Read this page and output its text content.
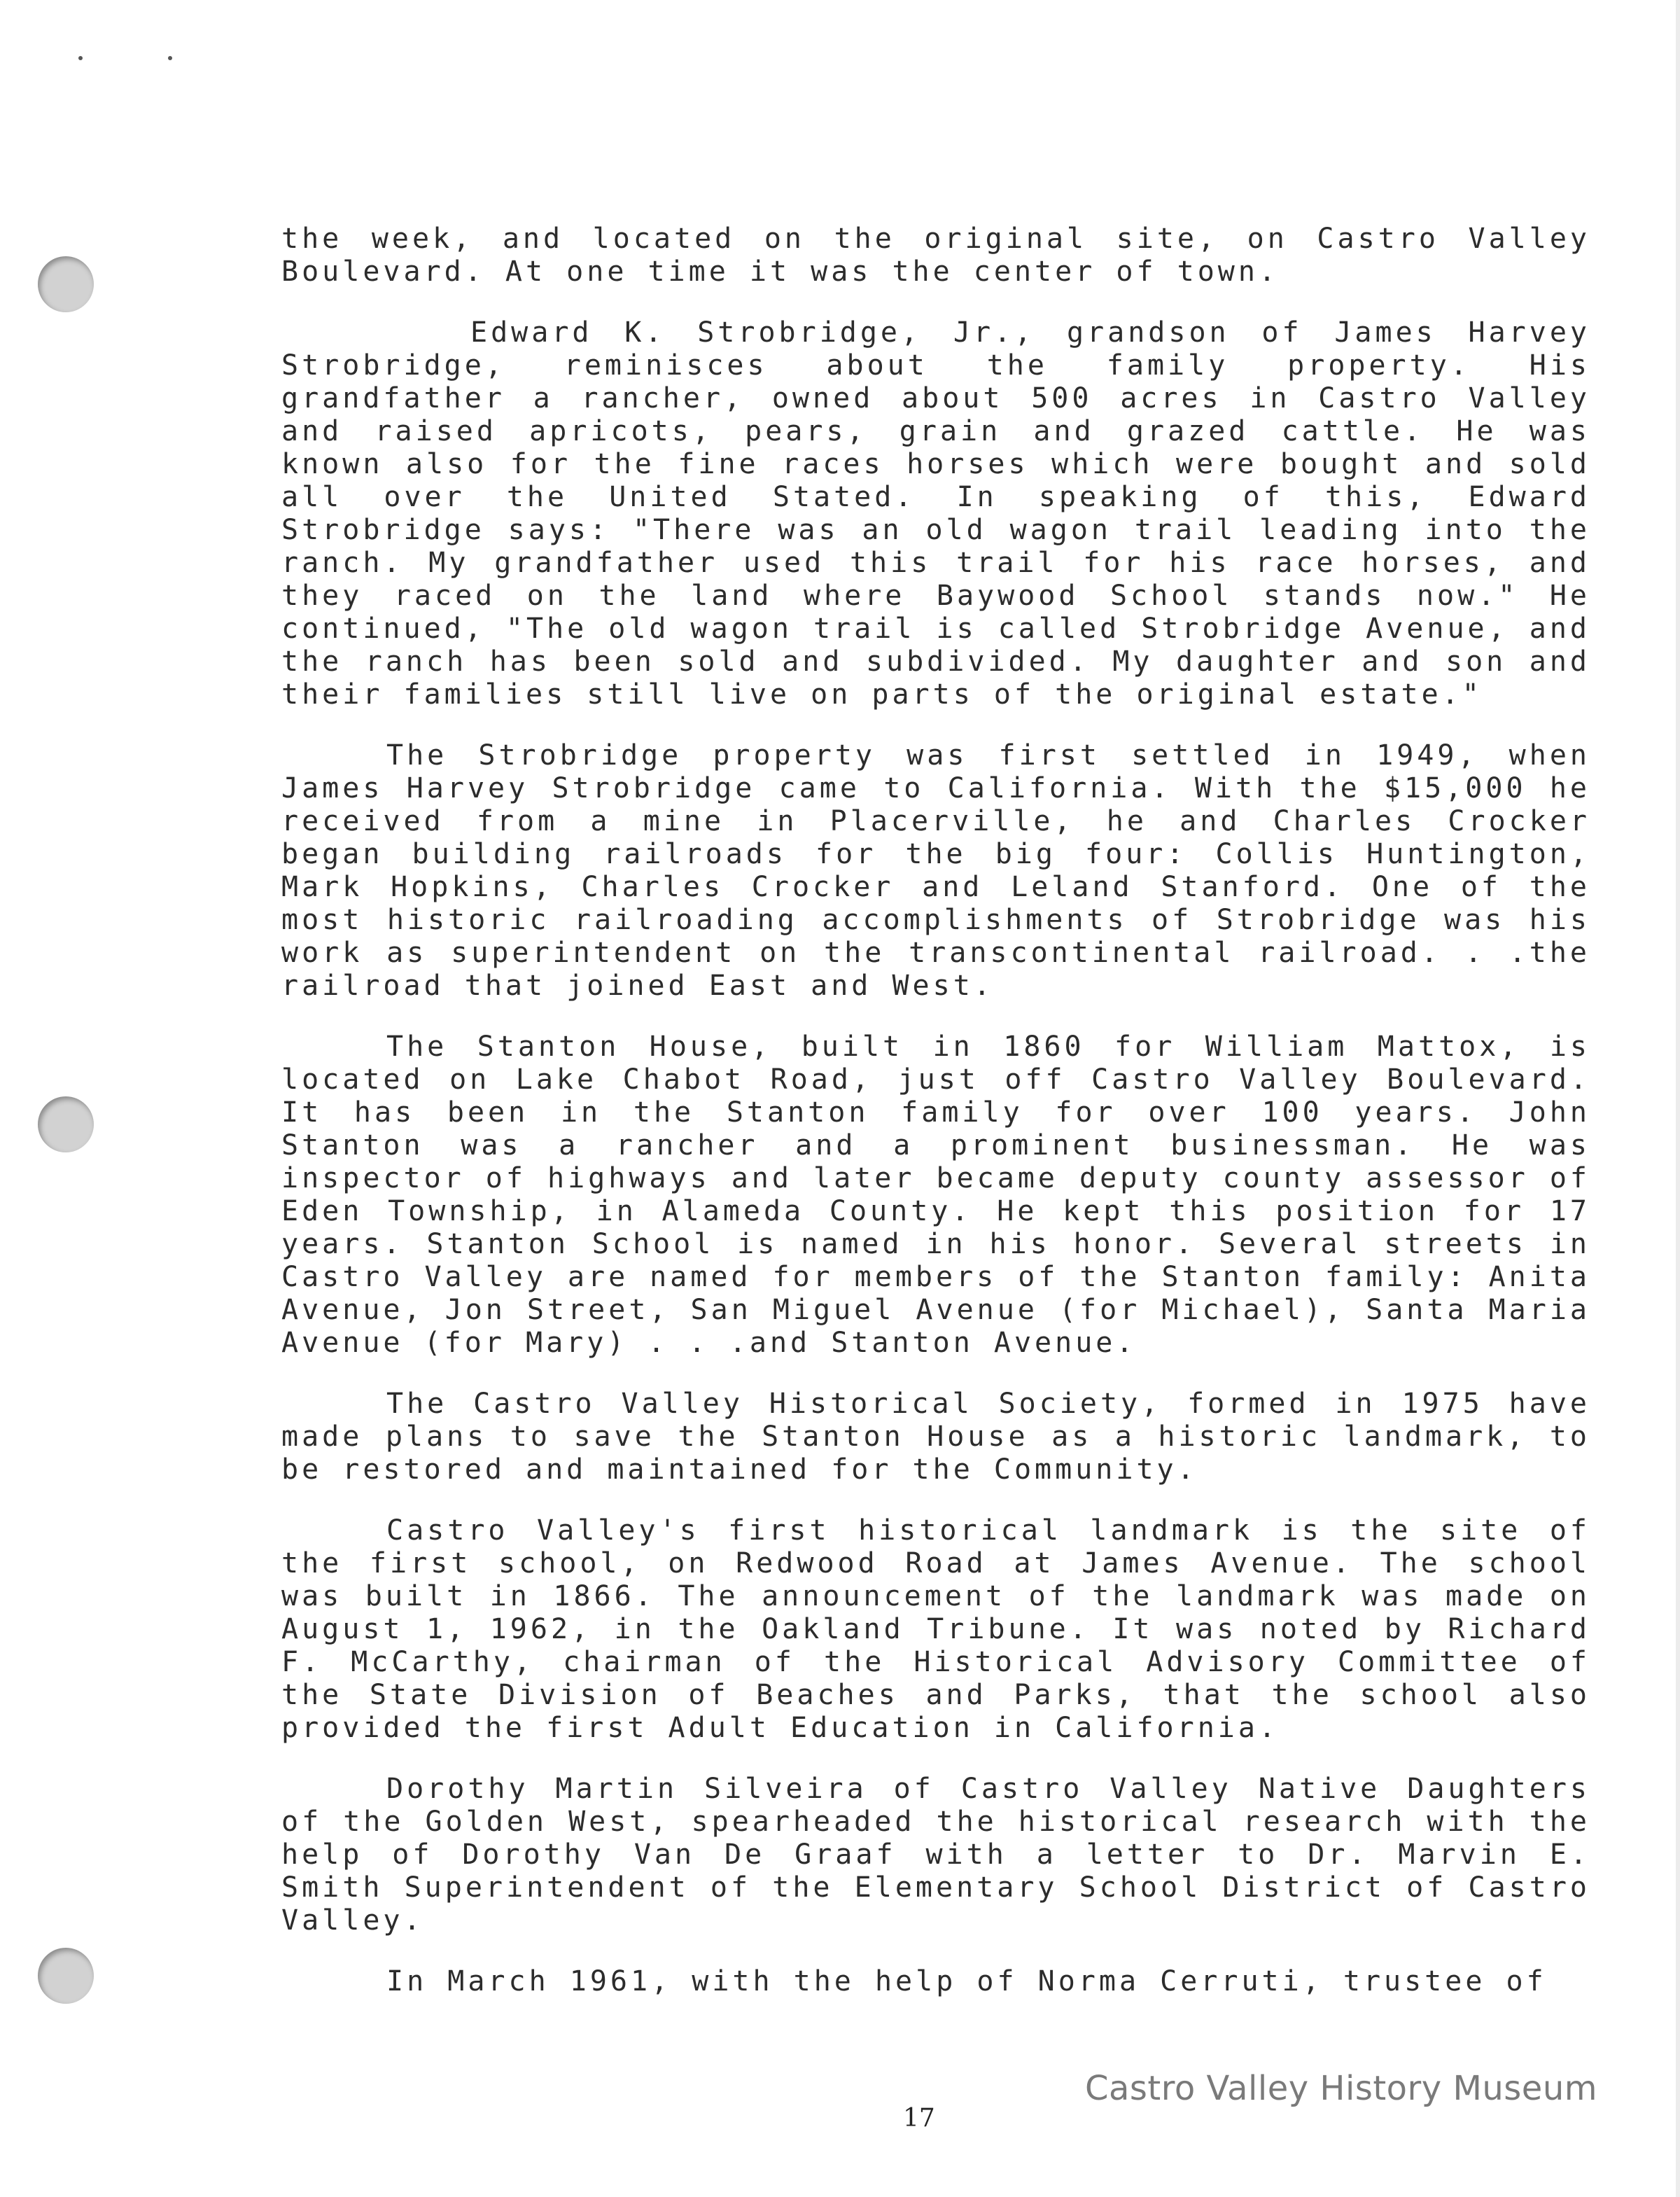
the week, and located on the original site, on Castro Valley Boulevard. At one time it was the center of town.

Edward K. Strobridge, Jr., grandson of James Harvey Strobridge, reminisces about the family property. His grandfather a rancher, owned about 500 acres in Castro Valley and raised apricots, pears, grain and grazed cattle. He was known also for the fine races horses which were bought and sold all over the United Stated. In speaking of this, Edward Strobridge says: "There was an old wagon trail leading into the ranch. My grandfather used this trail for his race horses, and they raced on the land where Baywood School stands now." He continued, "The old wagon trail is called Strobridge Avenue, and the ranch has been sold and subdivided. My daughter and son and their families still live on parts of the original estate."

The Strobridge property was first settled in 1949, when James Harvey Strobridge came to California. With the $15,000 he received from a mine in Placerville, he and Charles Crocker began building railroads for the big four: Collis Huntington, Mark Hopkins, Charles Crocker and Leland Stanford. One of the most historic railroading accomplishments of Strobridge was his work as superintendent on the transcontinental railroad. . .the railroad that joined East and West.

The Stanton House, built in 1860 for William Mattox, is located on Lake Chabot Road, just off Castro Valley Boulevard. It has been in the Stanton family for over 100 years. John Stanton was a rancher and a prominent businessman. He was inspector of highways and later became deputy county assessor of Eden Township, in Alameda County. He kept this position for 17 years. Stanton School is named in his honor. Several streets in Castro Valley are named for members of the Stanton family: Anita Avenue, Jon Street, San Miguel Avenue (for Michael), Santa Maria Avenue (for Mary) . . .and Stanton Avenue.

The Castro Valley Historical Society, formed in 1975 have made plans to save the Stanton House as a historic landmark, to be restored and maintained for the Community.

Castro Valley's first historical landmark is the site of the first school, on Redwood Road at James Avenue. The school was built in 1866. The announcement of the landmark was made on August 1, 1962, in the Oakland Tribune. It was noted by Richard F. McCarthy, chairman of the Historical Advisory Committee of the State Division of Beaches and Parks, that the school also provided the first Adult Education in California.

Dorothy Martin Silveira of Castro Valley Native Daughters of the Golden West, spearheaded the historical research with the help of Dorothy Van De Graaf with a letter to Dr. Marvin E. Smith Superintendent of the Elementary School District of Castro Valley.

In March 1961, with the help of Norma Cerruti, trustee of

Castro Valley History Museum
17
